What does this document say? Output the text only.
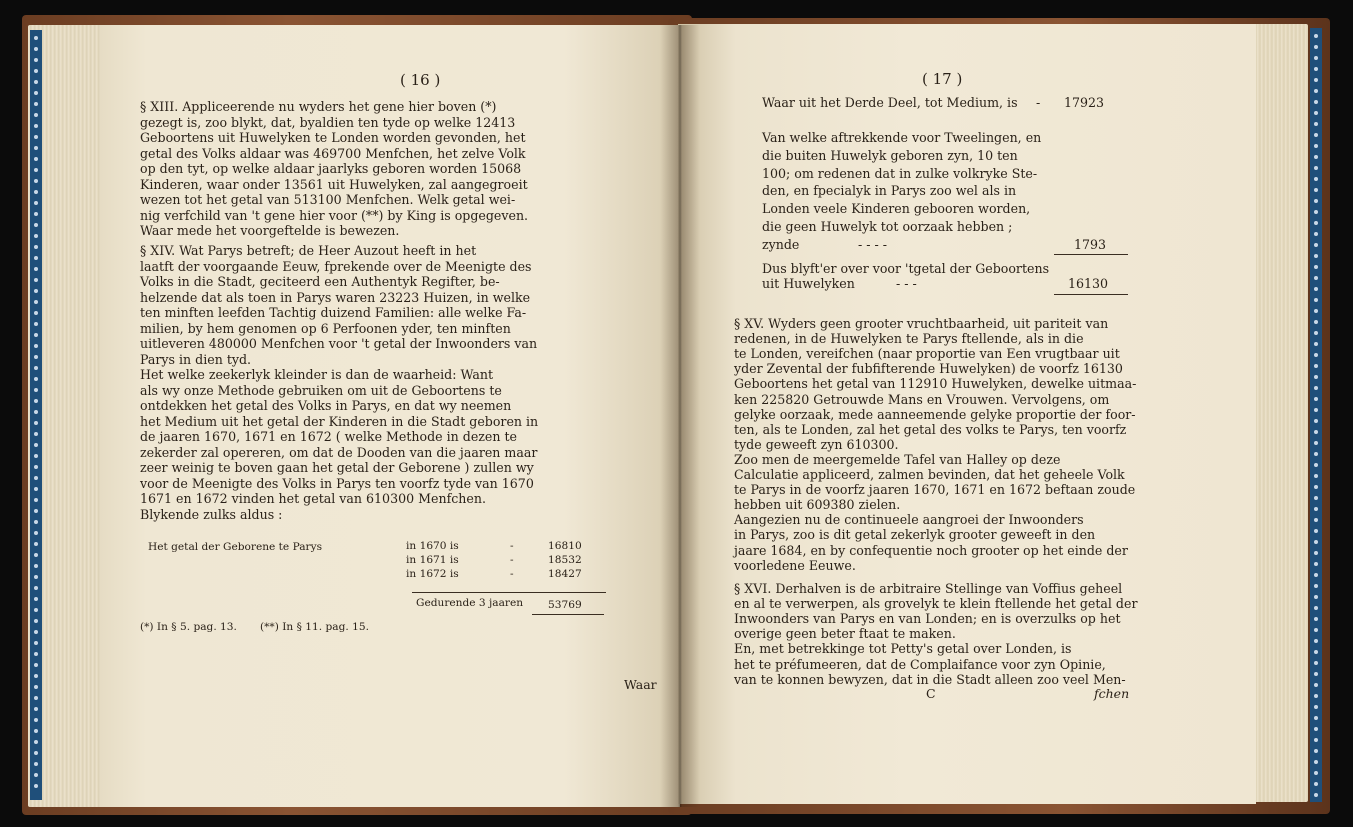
( 16 )
§ XIII. Appliceerende nu wyders het gene hier boven (*)
gezegt is, zoo blykt, dat, byaldien ten tyde op welke 12413
Geboortens uit Huwelyken te Londen worden gevonden, het
getal des Volks aldaar was 469700 Menfchen, het zelve Volk
op den tyt, op welke aldaar jaarlyks geboren worden 15068
Kinderen, waar onder 13561 uit Huwelyken, zal aangegroeit
wezen tot het getal van 513100 Menfchen. Welk getal wei-
nig verfchild van 't gene hier voor (**) by King is opgegeven.
Waar mede het voorgeftelde is bewezen.
§ XIV. Wat Parys betreft; de Heer Auzout heeft in het
laatft der voorgaande Eeuw, fprekende over de Meenigte des
Volks in die Stadt, geciteerd een Authentyk Regifter, be-
helzende dat als toen in Parys waren 23223 Huizen, in welke
ten minften leefden Tachtig duizend Familien: alle welke Fa-
milien, by hem genomen op 6 Perfoonen yder, ten minften
uitleveren 480000 Menfchen voor 't getal der Inwoonders van
Parys in dien tyd.
Het welke zeekerlyk kleinder is dan de waarheid: Want
als wy onze Methode gebruiken om uit de Geboortens te
ontdekken het getal des Volks in Parys, en dat wy neemen
het Medium uit het getal der Kinderen in die Stadt geboren in
de jaaren 1670, 1671 en 1672 ( welke Methode in dezen te
zekerder zal opereren, om dat de Dooden van die jaaren maar
zeer weinig te boven gaan het getal der Geborene ) zullen wy
voor de Meenigte des Volks in Parys ten voorfz tyde van 1670
1671 en 1672 vinden het getal van 610300 Menfchen.
Blykende zulks aldus :
Het getal der Geborene te Parys	in 1670 is	-	16810
in 1671 is	-	18532
in 1672 is	-	18427
Gedurende 3 jaaren 53769
(*) In § 5. pag. 13. (**) In § 11. pag. 15.
Waar
( 17 )
Waar uit het Derde Deel, tot Medium, is - 17923
Van welke aftrekkende voor Tweelingen, en
die buiten Huwelyk geboren zyn, 10 ten
100; om redenen dat in zulke volkryke Ste-
den, en fpecialyk in Parys zoo wel als in
Londen veele Kinderen gebooren worden,
die geen Huwelyk tot oorzaak hebben ;
zynde	- - - -	1793
Dus blyft'er over voor 'tgetal der Geboortens
uit Huwelyken	- - -	16130
§ XV. Wyders geen grooter vruchtbaarheid, uit pariteit van
redenen, in de Huwelyken te Parys ftellende, als in die
te Londen, vereifchen (naar proportie van Een vrugtbaar uit
yder Zevental der fubfifterende Huwelyken) de voorfz 16130
Geboortens het getal van 112910 Huwelyken, dewelke uitmaa-
ken 225820 Getrouwde Mans en Vrouwen. Vervolgens, om
gelyke oorzaak, mede aanneemende gelyke proportie der foor-
ten, als te Londen, zal het getal des volks te Parys, ten voorfz
tyde geweeft zyn 610300.
Zoo men de meergemelde Tafel van Halley op deze
Calculatie appliceerd, zalmen bevinden, dat het geheele Volk
te Parys in de voorfz jaaren 1670, 1671 en 1672 beftaan zoude
hebben uit 609380 zielen.
Aangezien nu de continueele aangroei der Inwoonders
in Parys, zoo is dit getal zekerlyk grooter geweeft in den
jaare 1684, en by confequentie noch grooter op het einde der
voorledene Eeuwe.
§ XVI. Derhalven is de arbitraire Stellinge van Voffius geheel
en al te verwerpen, als grovelyk te klein ftellende het getal der
Inwoonders van Parys en van Londen; en is overzulks op het
overige geen beter ftaat te maken.
En, met betrekkinge tot Petty's getal over Londen, is
het te préfumeeren, dat de Complaifance voor zyn Opinie,
van te konnen bewyzen, dat in die Stadt alleen zoo veel Men-
C	fchen
